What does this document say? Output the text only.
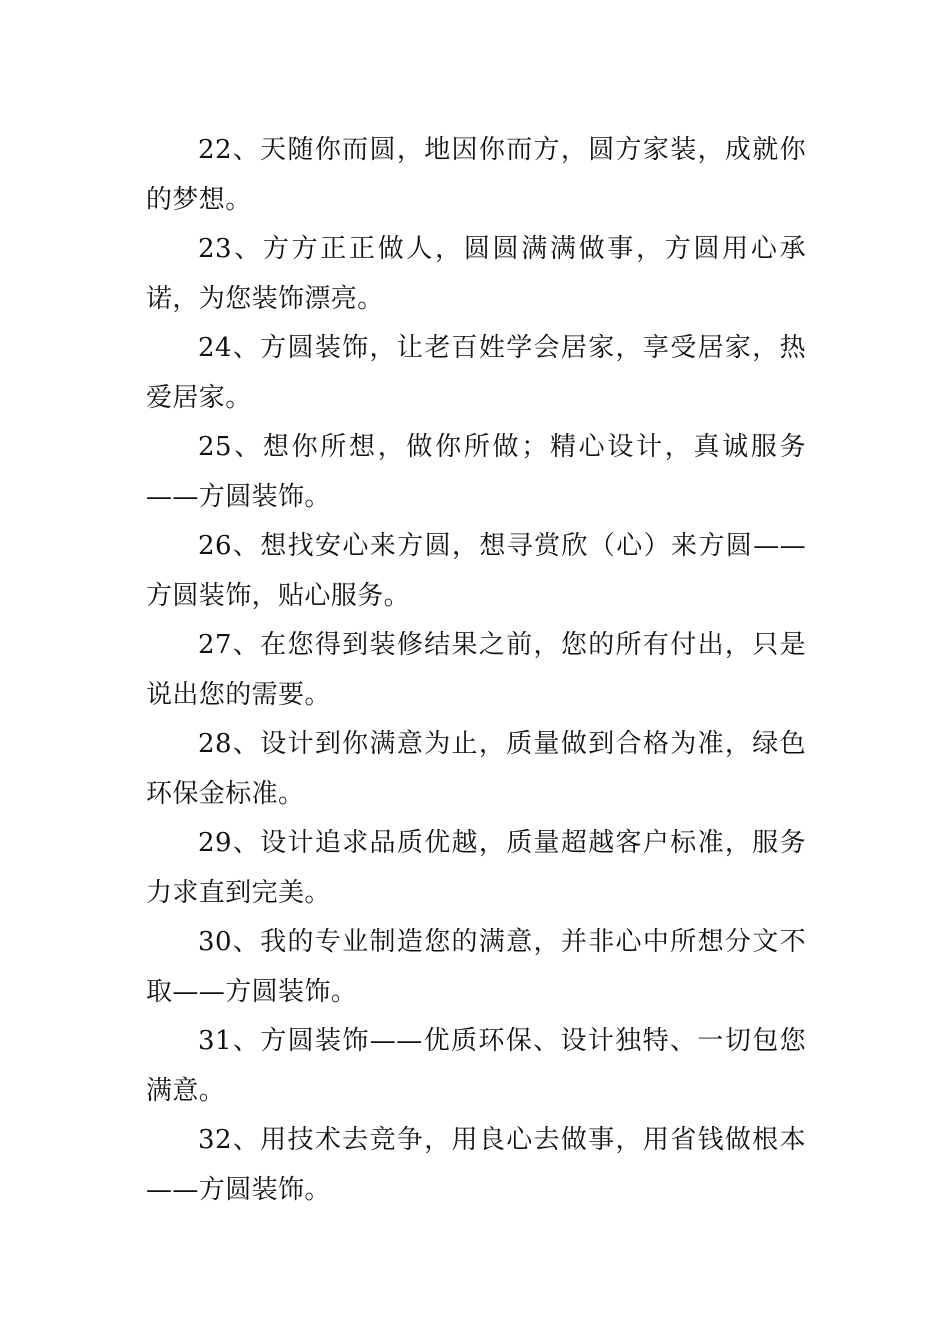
22、天随你而圆，地因你而方，圆方家装，成就你的梦想。

23、方方正正做人，圆圆满满做事，方圆用心承诺，为您装饰漂亮。

24、方圆装饰，让老百姓学会居家，享受居家，热爱居家。

25、想你所想，做你所做；精心设计，真诚服务——方圆装饰。

26、想找安心来方圆，想寻赏欣（心）来方圆——方圆装饰，贴心服务。

27、在您得到装修结果之前，您的所有付出，只是说出您的需要。

28、设计到你满意为止，质量做到合格为准，绿色环保金标准。

29、设计追求品质优越，质量超越客户标准，服务力求直到完美。

30、我的专业制造您的满意，并非心中所想分文不取——方圆装饰。

31、方圆装饰——优质环保、设计独特、一切包您满意。

32、用技术去竞争，用良心去做事，用省钱做根本——方圆装饰。
